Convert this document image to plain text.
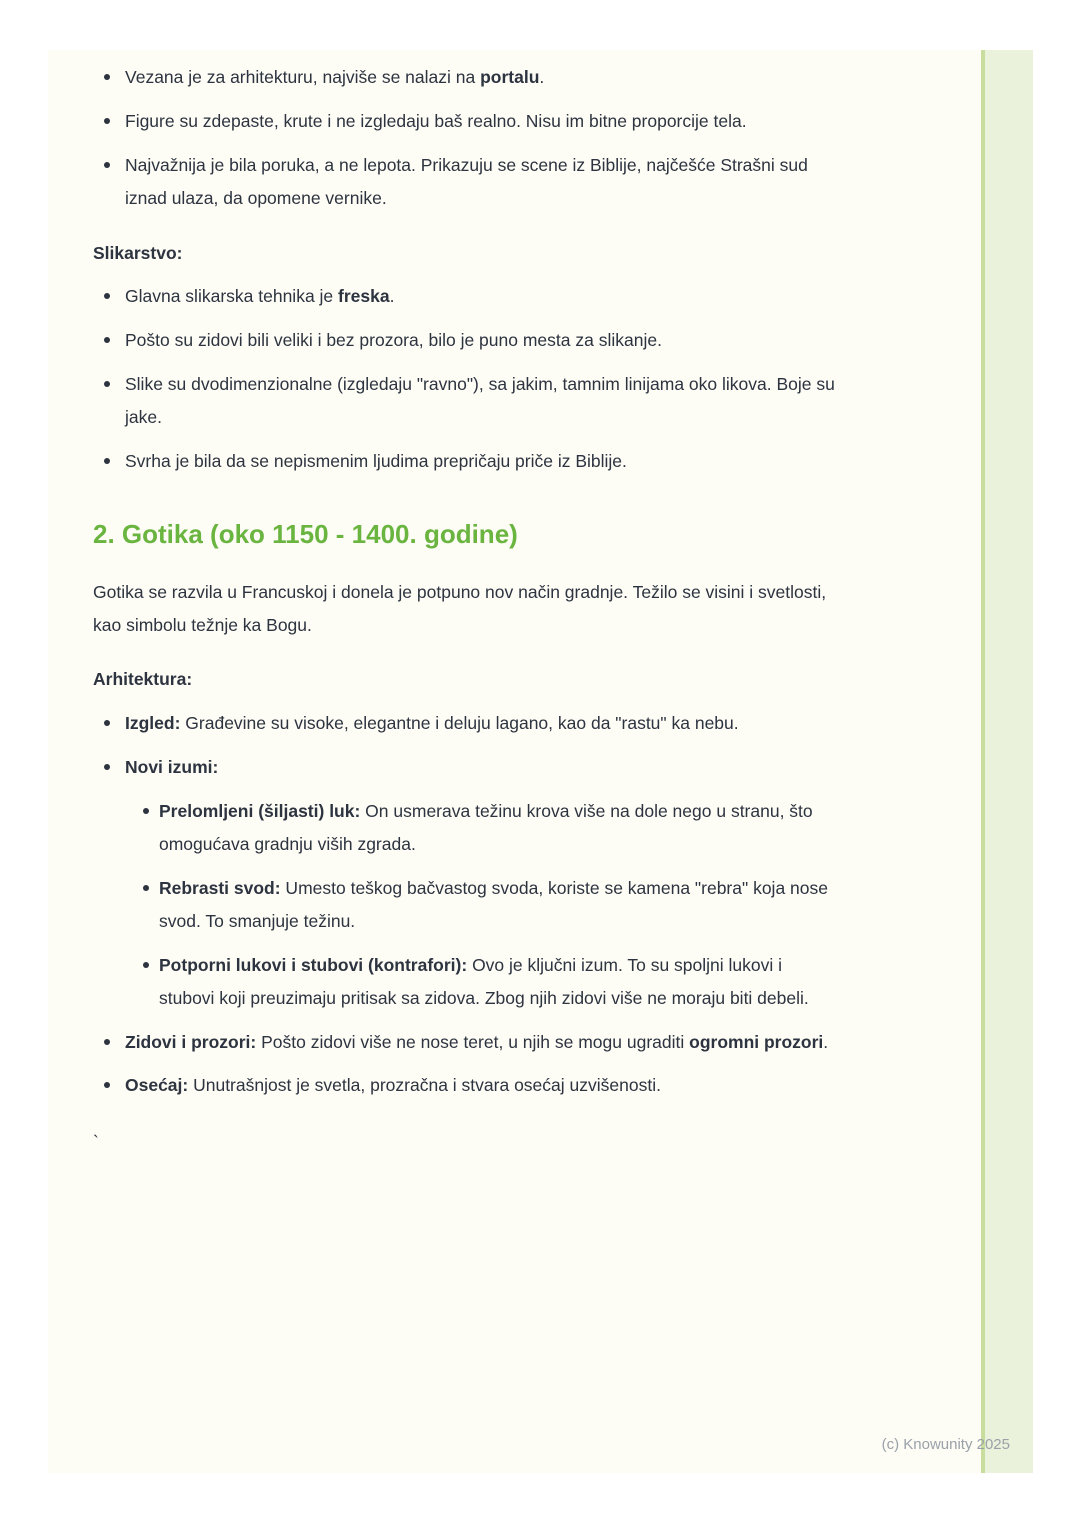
Vezana je za arhitekturu, najviše se nalazi na portalu.
Figure su zdepaste, krute i ne izgledaju baš realno. Nisu im bitne proporcije tela.
Najvažnija je bila poruka, a ne lepota. Prikazuju se scene iz Biblije, najčešće Strašni sud iznad ulaza, da opomene vernike.
Slikarstvo:
Glavna slikarska tehnika je freska.
Pošto su zidovi bili veliki i bez prozora, bilo je puno mesta za slikanje.
Slike su dvodimenzionalne (izgledaju "ravno"), sa jakim, tamnim linijama oko likova. Boje su jake.
Svrha je bila da se nepismenim ljudima prepričaju priče iz Biblije.
2. Gotika (oko 1150 - 1400. godine)

Gotika se razvila u Francuskoj i donela je potpuno nov način gradnje. Težilo se visini i svetlosti, kao simbolu težnje ka Bogu.

Arhitektura:
Izgled: Građevine su visoke, elegantne i deluju lagano, kao da "rastu" ka nebu.
Novi izumi:
Prelomljeni (šiljasti) luk: On usmerava težinu krova više na dole nego u stranu, što omogućava gradnju viših zgrada.
Rebrasti svod: Umesto teškog bačvastog svoda, koriste se kamena "rebra" koja nose svod. To smanjuje težinu.
Potporni lukovi i stubovi (kontrafori): Ovo je ključni izum. To su spoljni lukovi i stubovi koji preuzimaju pritisak sa zidova. Zbog njih zidovi više ne moraju biti debeli.
Zidovi i prozori: Pošto zidovi više ne nose teret, u njih se mogu ugraditi ogromni prozori.
Osećaj: Unutrašnjost je svetla, prozračna i stvara osećaj uzvišenosti.

`

(c) Knowunity 2025
